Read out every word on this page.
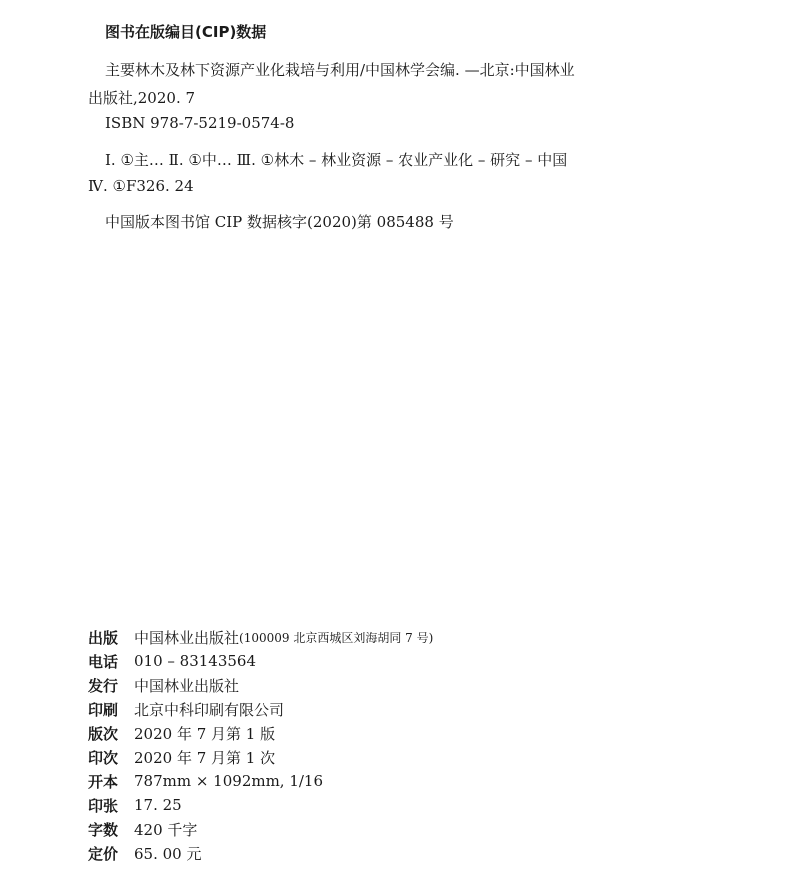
图书在版编目(CIP)数据
主要林木及林下资源产业化栽培与利用/中国林学会编. —北京:中国林业
出版社,2020. 7
ISBN 978-7-5219-0574-8
Ⅰ. ①主… Ⅱ. ①中… Ⅲ. ①林木 – 林业资源 – 农业产业化 – 研究 – 中国
Ⅳ. ①F326. 24
中国版本图书馆 CIP 数据核字(2020)第 085488 号
出版	中国林业出版社 (100009 北京西城区刘海胡同 7 号)
电话	010 – 83143564
发行	中国林业出版社
印刷	北京中科印刷有限公司
版次	2020 年 7 月第 1 版
印次	2020 年 7 月第 1 次
开本	787mm × 1092mm, 1/16
印张	17. 25
字数	420 千字
定价	65. 00 元
